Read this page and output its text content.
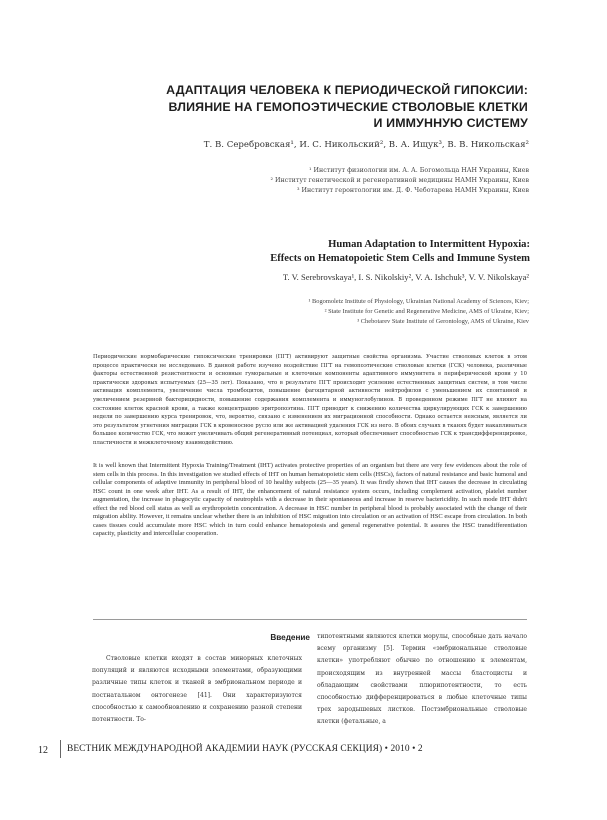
АДАПТАЦИЯ ЧЕЛОВЕКА К ПЕРИОДИЧЕСКОЙ ГИПОКСИИ:
ВЛИЯНИЕ НА ГЕМОПОЭТИЧЕСКИЕ СТВОЛОВЫЕ КЛЕТКИ
И ИММУННУЮ СИСТЕМУ
Т. В. Серебровская¹, И. С. Никольский², В. А. Ищук³, В. В. Никольская²
¹ Институт физиологии им. А. А. Богомольца НАН Украины, Киев
² Институт генетической и регенеративной медицины НАМН Украины, Киев
³ Институт геронтологии им. Д. Ф. Чеботарева НАМН Украины, Киев
Human Adaptation to Intermittent Hypoxia:
Effects on Hematopoietic Stem Cells and Immune System
T. V. Serebrovskaya¹, I. S. Nikolskiy², V. A. Ishchuk³, V. V. Nikolskaya²
¹ Bogomoletz Institute of Physiology, Ukrainian National Academy of Sciences, Kiev;
² State Institute for Genetic and Regenerative Medicine, AMS of Ukraine, Kiev;
³ Chebotarev State Institute of Gerontology, AMS of Ukraine, Kiev
Периодические нормобарические гипоксические тренировки (ПГТ) активируют защитные свойства организма. Участие стволовых клеток в этом процессе практически не исследовано. В данной работе изучено воздействие ПГТ на гемопоэтические стволовые клетки (ГСК) человека, различные факторы естественной резистентности и основные гуморальные и клеточные компоненты адаптивного иммунитета в периферической крови у 10 практически здоровых испытуемых (25—35 лет). Показано, что в результате ПГТ происходит усиление естественных защитных систем, в том числе активация комплемента, увеличение числа тромбоцитов, повышение фагоцитарной активности нейтрофилов с уменьшением их спонтанной и увеличением резервной бактерицидности, повышение содержания комплемента и иммуноглобулинов. В проведенном режиме ПГТ не влияют на состояние клеток красной крови, а также концентрацию эритропоэтина. ПГТ приводит к снижению количества циркулирующих ГСК к завершению недели по завершению курса тренировок, что, вероятно, связано с изменением их миграционной способности. Однако остается неясным, является ли это результатом угнетения миграции ГСК в кровеносное русло или же активацией удаления ГСК из него. В обоих случаях в тканях будет накапливаться большее количество ГСК, что может увеличивать общий регенеративный потенциал, который обеспечивает способностью ГСК к трансдифференцировке, пластичности и межклеточному взаимодействию.
It is well known that Intermittent Hypoxia Training/Treatment (IHT) activates protective properties of an organism but there are very few evidences about the role of stem cells in this process. In this investigation we studied effects of IHT on human hematopoietic stem cells (HSCs), factors of natural resistance and basic humoral and cellular components of adaptive immunity in peripheral blood of 10 healthy subjects (25—35 years). It was firstly shown that IHT causes the decrease in circulating HSC count in one week after IHT. As a result of IHT, the enhancement of natural resistance system occurs, including complement activation, platelet number augmentation, the increase in phagocytic capacity of neutrophils with a decrease in their spontaneous and increase in reserve bactericidity. In such mode IHT didn't effect the red blood cell status as well as erythropoietin concentration. A decrease in HSC number in peripheral blood is probably associated with the change of their migration ability. However, it remains unclear whether there is an inhibition of HSC migration into circulation or an activation of HSC escape from circulation. In both cases tissues could accumulate more HSC which in turn could enhance hematopoiesis and general regenerative potential. It assures the HSC transdifferentiation capacity, plasticity and intercellular cooperation.
Введение

Стволовые клетки входят в состав минорных клеточных популяций и являются исходными элементами, образующими различные типы клеток и тканей в эмбриональном периоде и постнатальном онтогенезе [41]. Они характеризуются способностью к самообновлению и сохранению разной степени потентности. То-

типотентными являются клетки морулы, способные дать начало всему организму [5]. Термин «эмбриональные стволовые клетки» употребляют обычно по отношению к элементам, происходящим из внутренней массы бластоцисты и обладающим свойствами плюрипотентности, то есть способностью дифференцироваться в любые клеточные типы трех зародышевых листков. Постэмбриональные стволовые клетки (фетальные, а

12 ВЕСТНИК МЕЖДУНАРОДНОЙ АКАДЕМИИ НАУК (РУССКАЯ СЕКЦИЯ) • 2010 • 2
